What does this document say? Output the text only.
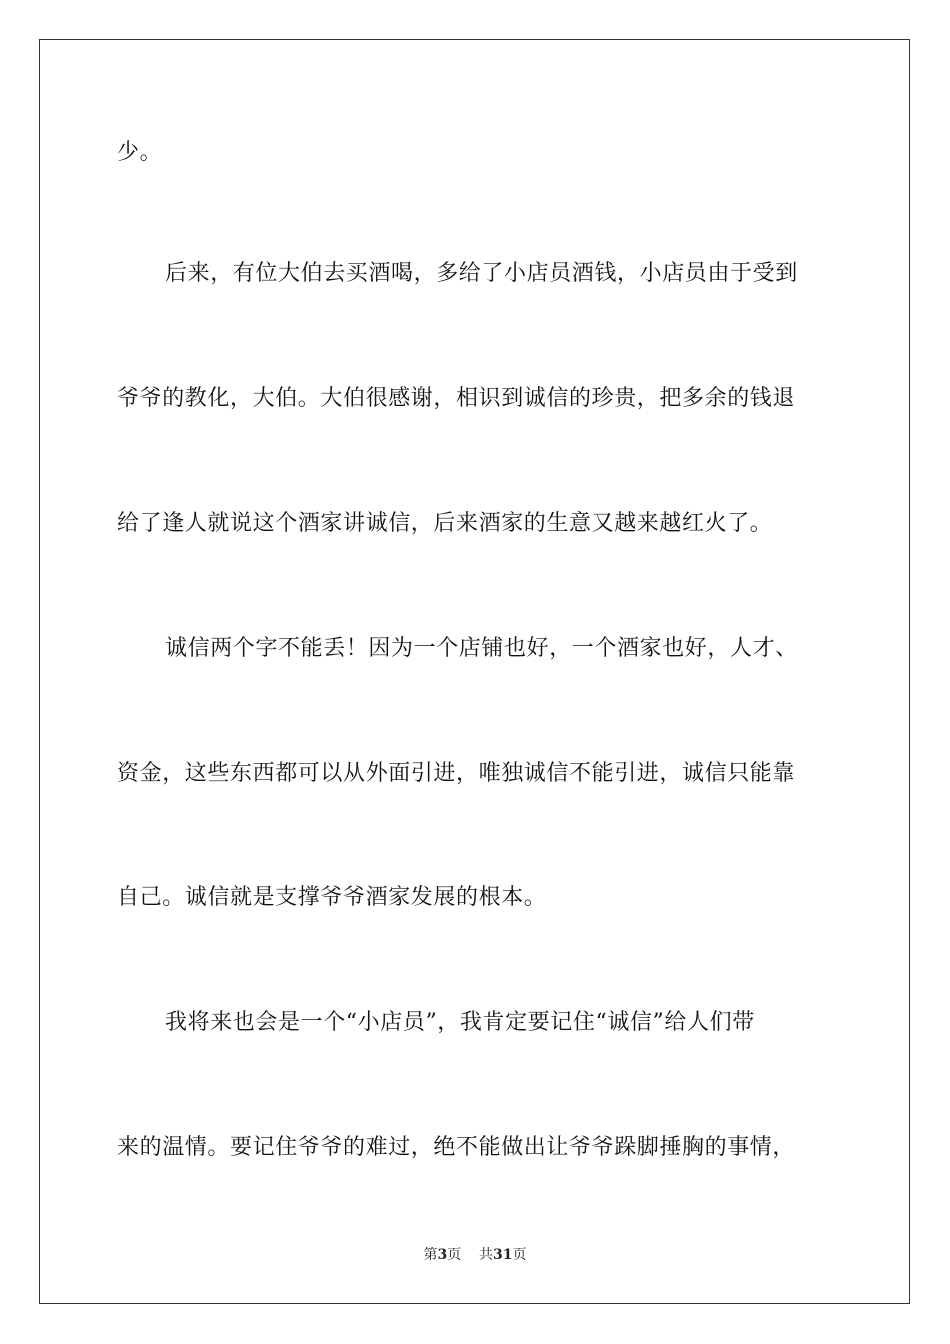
少。
后来，有位大伯去买酒喝，多给了小店员酒钱，小店员由于受到
爷爷的教化，大伯。大伯很感谢，相识到诚信的珍贵，把多余的钱退
给了逢人就说这个酒家讲诚信，后来酒家的生意又越来越红火了。
诚信两个字不能丢！因为一个店铺也好，一个酒家也好，人才、
资金，这些东西都可以从外面引进，唯独诚信不能引进，诚信只能靠
自己。诚信就是支撑爷爷酒家发展的根本。
我将来也会是一个“小店员”，我肯定要记住“诚信”给人们带
来的温情。要记住爷爷的难过，绝不能做出让爷爷跺脚捶胸的事情，
第3页 共31页
